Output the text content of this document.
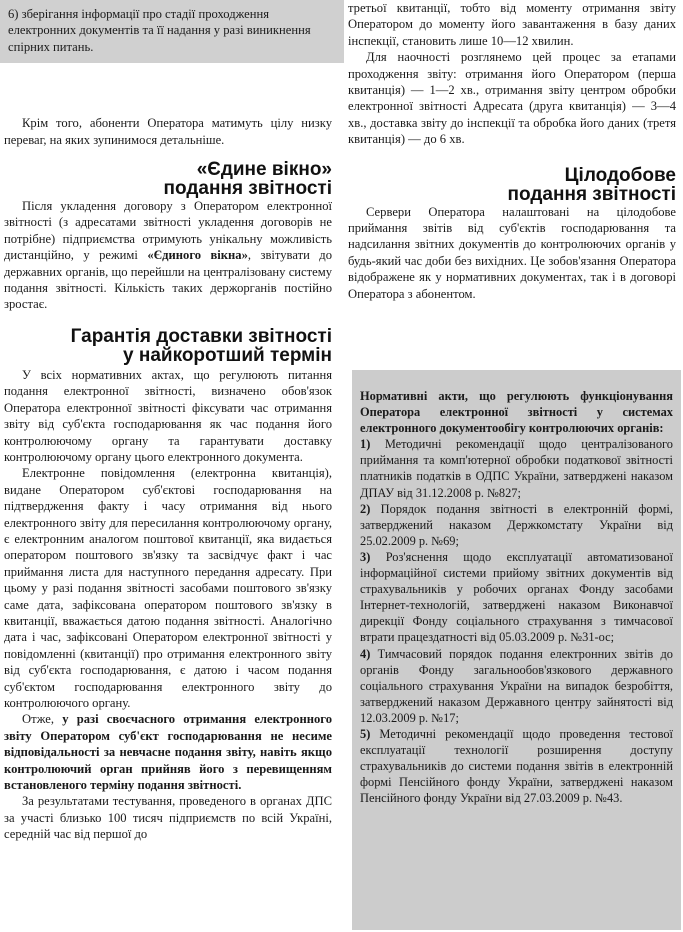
6) зберігання інформації про стадії проходження електронних документів та її надання у разі виникнення спірних питань.

Крім того, абоненти Оператора матимуть цілу низку переваг, на яких зупинимося детальніше.

«Єдине вікно»
подання звітності

Після укладення договору з Оператором електронної звітності (з адресатами звітності укладення договорів не потрібне) підприємства отримують унікальну можливість дистанційно, у режимі «Єдиного вікна», звітувати до державних органів, що перейшли на централізовану систему подання звітності. Кількість таких держорганів постійно зростає.

Гарантія доставки звітності
у найкоротший термін

У всіх нормативних актах, що регулюють питання подання електронної звітності, визначено обов'язок Оператора електронної звітності фіксувати час отримання звіту від суб'єкта господарювання як час подання його контролюючому органу та гарантувати доставку контролюючому органу цього електронного документа.

Електронне повідомлення (електронна квитанція), видане Оператором суб'єктові господарювання на підтвердження факту і часу отримання від нього електронного звіту для пересилання контролюючому органу, є електронним аналогом поштової квитанції, яка видається оператором поштового зв'язку та засвідчує факт і час приймання листа для наступного передання адресату. При цьому у разі подання звітності засобами поштового зв'язку саме дата, зафіксована оператором поштового зв'язку в квитанції, вважається датою подання звітності. Аналогічно дата і час, зафіксовані Оператором електронної звітності у повідомленні (квитанції) про отримання електронного звіту від суб'єкта господарювання, є датою і часом подання суб'єктом господарювання електронного звіту до контролюючого органу.

Отже, у разі своєчасного отримання електронного звіту Оператором суб'єкт господарювання не несиме відповідальності за невчасне подання звіту, навіть якщо контролюючий орган прийняв його з перевищенням встановленого терміну подання звітності.

За результатами тестування, проведеного в органах ДПС за участі близько 100 тисяч підприємств по всій Україні, середній час від першої до

третьої квитанції, тобто від моменту отримання звіту Оператором до моменту його завантаження в базу даних інспекції, становить лише 10—12 хвилин.

Для наочності розглянемо цей процес за етапами проходження звіту: отримання його Оператором (перша квитанція) — 1—2 хв., отримання звіту центром обробки електронної звітності Адресата (друга квитанція) — 3—4 хв., доставка звіту до інспекції та обробка його даних (третя квитанція) — до 6 хв.

Цілодобове
подання звітності

Сервери Оператора налаштовані на цілодобове приймання звітів від суб'єктів господарювання та надсилання звітних документів до контролюючих органів у будь-який час доби без вихідних. Це зобов'язання Оператора відображене як у нормативних документах, так і в договорі Оператора з абонентом.

Нормативні акти, що регулюють функціонування Оператора електронної звітності у системах електронного документообігу контролюючих органів:

1) Методичні рекомендації щодо централізованого приймання та комп'ютерної обробки податкової звітності платників податків в ОДПС України, затверджені наказом ДПАУ від 31.12.2008 р. №827;

2) Порядок подання звітності в електронній формі, затверджений наказом Держкомстату України від 25.02.2009 р. №69;

3) Роз'яснення щодо експлуатації автоматизованої інформаційної системи прийому звітних документів від страхувальників у робочих органах Фонду засобами Інтернет-технологій, затверджені наказом Виконавчої дирекції Фонду соціального страхування з тимчасової втрати працездатності від 05.03.2009 р. №31-ос;

4) Тимчасовий порядок подання електронних звітів до органів Фонду загальнообов'язкового державного соціального страхування України на випадок безробіття, затверджений наказом Державного центру зайнятості від 12.03.2009 р. №17;

5) Методичні рекомендації щодо проведення тестової експлуатації технології розширення доступу страхувальників до системи подання звітів в електронній формі Пенсійного фонду України, затверджені наказом Пенсійного фонду України від 27.03.2009 р. №43.
